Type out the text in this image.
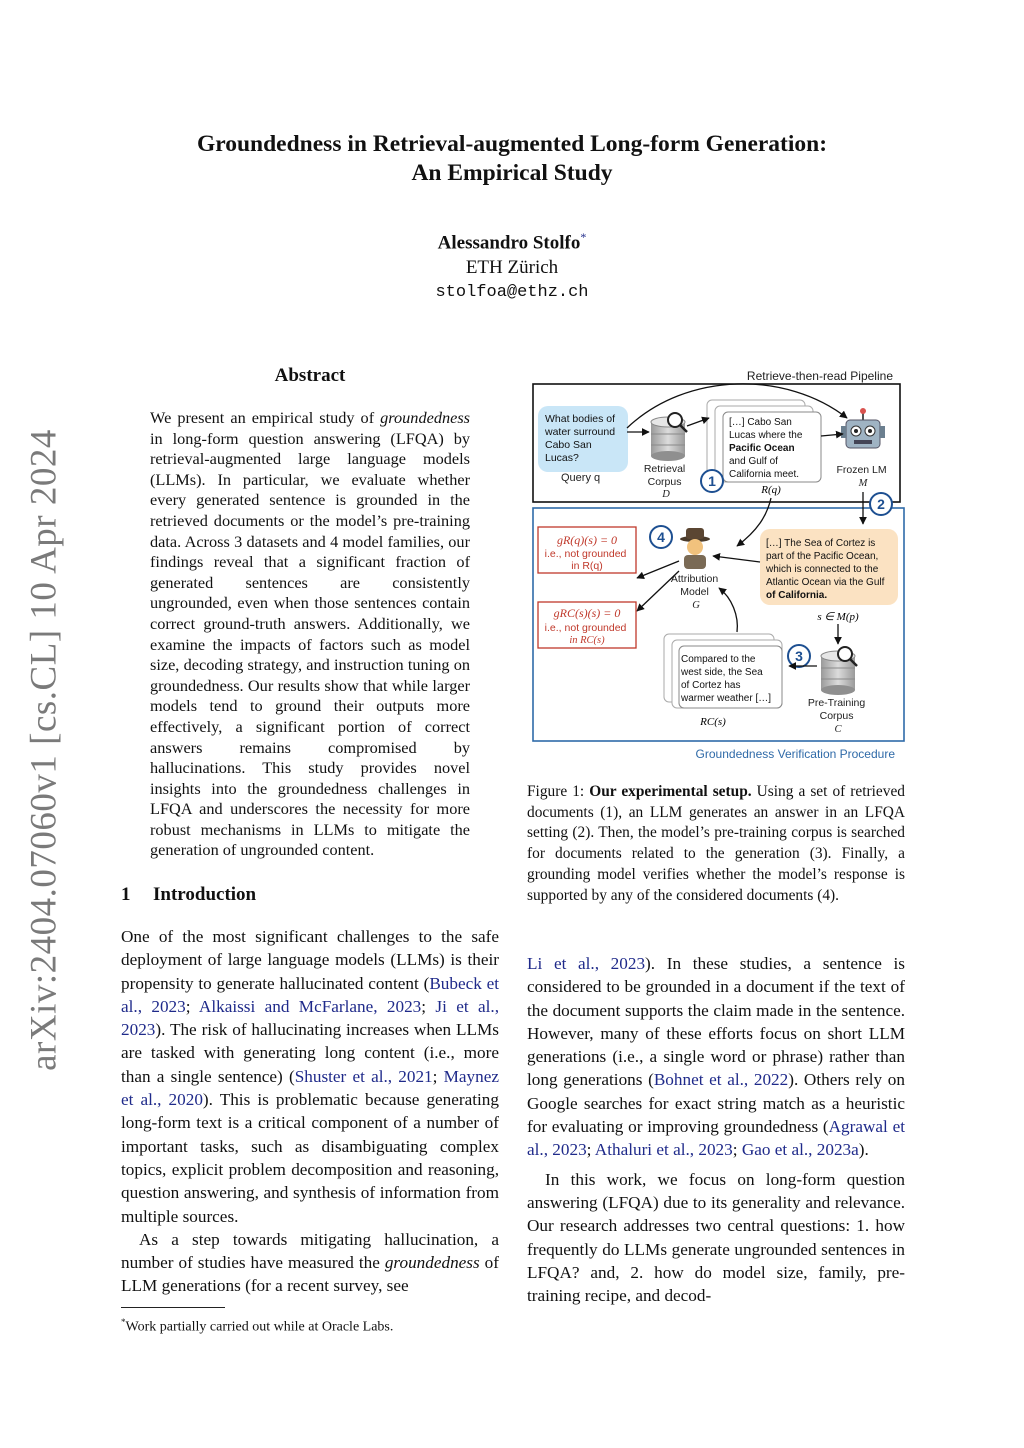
arXiv:2404.07060v1 [cs.CL] 10 Apr 2024
Groundedness in Retrieval-augmented Long-form Generation:
An Empirical Study
Alessandro Stolfo*
ETH Zürich
stolfoa@ethz.ch
Abstract
We present an empirical study of groundedness in long-form question answering (LFQA) by retrieval-augmented large language models (LLMs). In particular, we evaluate whether every generated sentence is grounded in the retrieved documents or the model’s pre-training data. Across 3 datasets and 4 model families, our findings reveal that a significant fraction of generated sentences are consistently ungrounded, even when those sentences contain correct ground-truth answers. Additionally, we examine the impacts of factors such as model size, decoding strategy, and instruction tuning on groundedness. Our results show that while larger models tend to ground their outputs more effectively, a significant portion of correct answers remains compromised by hallucinations. This study provides novel insights into the groundedness challenges in LFQA and underscores the necessity for more robust mechanisms in LLMs to mitigate the generation of ungrounded content.
1 Introduction

One of the most significant challenges to the safe deployment of large language models (LLMs) is their propensity to generate hallucinated content (Bubeck et al., 2023; Alkaissi and McFarlane, 2023; Ji et al., 2023). The risk of hallucinating increases when LLMs are tasked with generating long content (i.e., more than a single sentence) (Shuster et al., 2021; Maynez et al., 2020). This is problematic because generating long-form text is a critical component of a number of important tasks, such as disambiguating complex topics, explicit problem decomposition and reasoning, question answering, and synthesis of information from multiple sources.

As a step towards mitigating hallucination, a number of studies have measured the groundedness of LLM generations (for a recent survey, see

*Work partially carried out while at Oracle Labs.
Retrieve-then-read Pipeline
What bodies of water surround Cabo San Lucas?
Query q
Retrieval Corpus D
[…] Cabo San Lucas where the Pacific Ocean and Gulf of California meet.
R(q)
1
2
3
4
Frozen LM M
[…] The Sea of Cortez is part of the Pacific Ocean, which is connected to the Atlantic Ocean via the Gulf of California.
s ∈ M(p)
Attribution Model G
gR(q)(s) = 0
i.e., not grounded in R(q)
gRC(s)(s) = 0
i.e., not grounded in RC(s)
Compared to the west side, the Sea of Cortez has warmer weather […]
RC(s)
Pre-Training Corpus C
Groundedness Verification Procedure
Figure 1: Our experimental setup. Using a set of retrieved documents (1), an LLM generates an answer in an LFQA setting (2). Then, the model’s pre-training corpus is searched for documents related to the generation (3). Finally, a grounding model verifies whether the model’s response is supported by any of the considered documents (4).

Li et al., 2023). In these studies, a sentence is considered to be grounded in a document if the text of the document supports the claim made in the sentence. However, many of these efforts focus on short LLM generations (i.e., a single word or phrase) rather than long generations (Bohnet et al., 2022). Others rely on Google searches for exact string match as a heuristic for evaluating or improving groundedness (Agrawal et al., 2023; Athaluri et al., 2023; Gao et al., 2023a).

In this work, we focus on long-form question answering (LFQA) due to its generality and relevance. Our research addresses two central questions: 1. how frequently do LLMs generate ungrounded sentences in LFQA? and, 2. how do model size, family, pre-training recipe, and decod-
